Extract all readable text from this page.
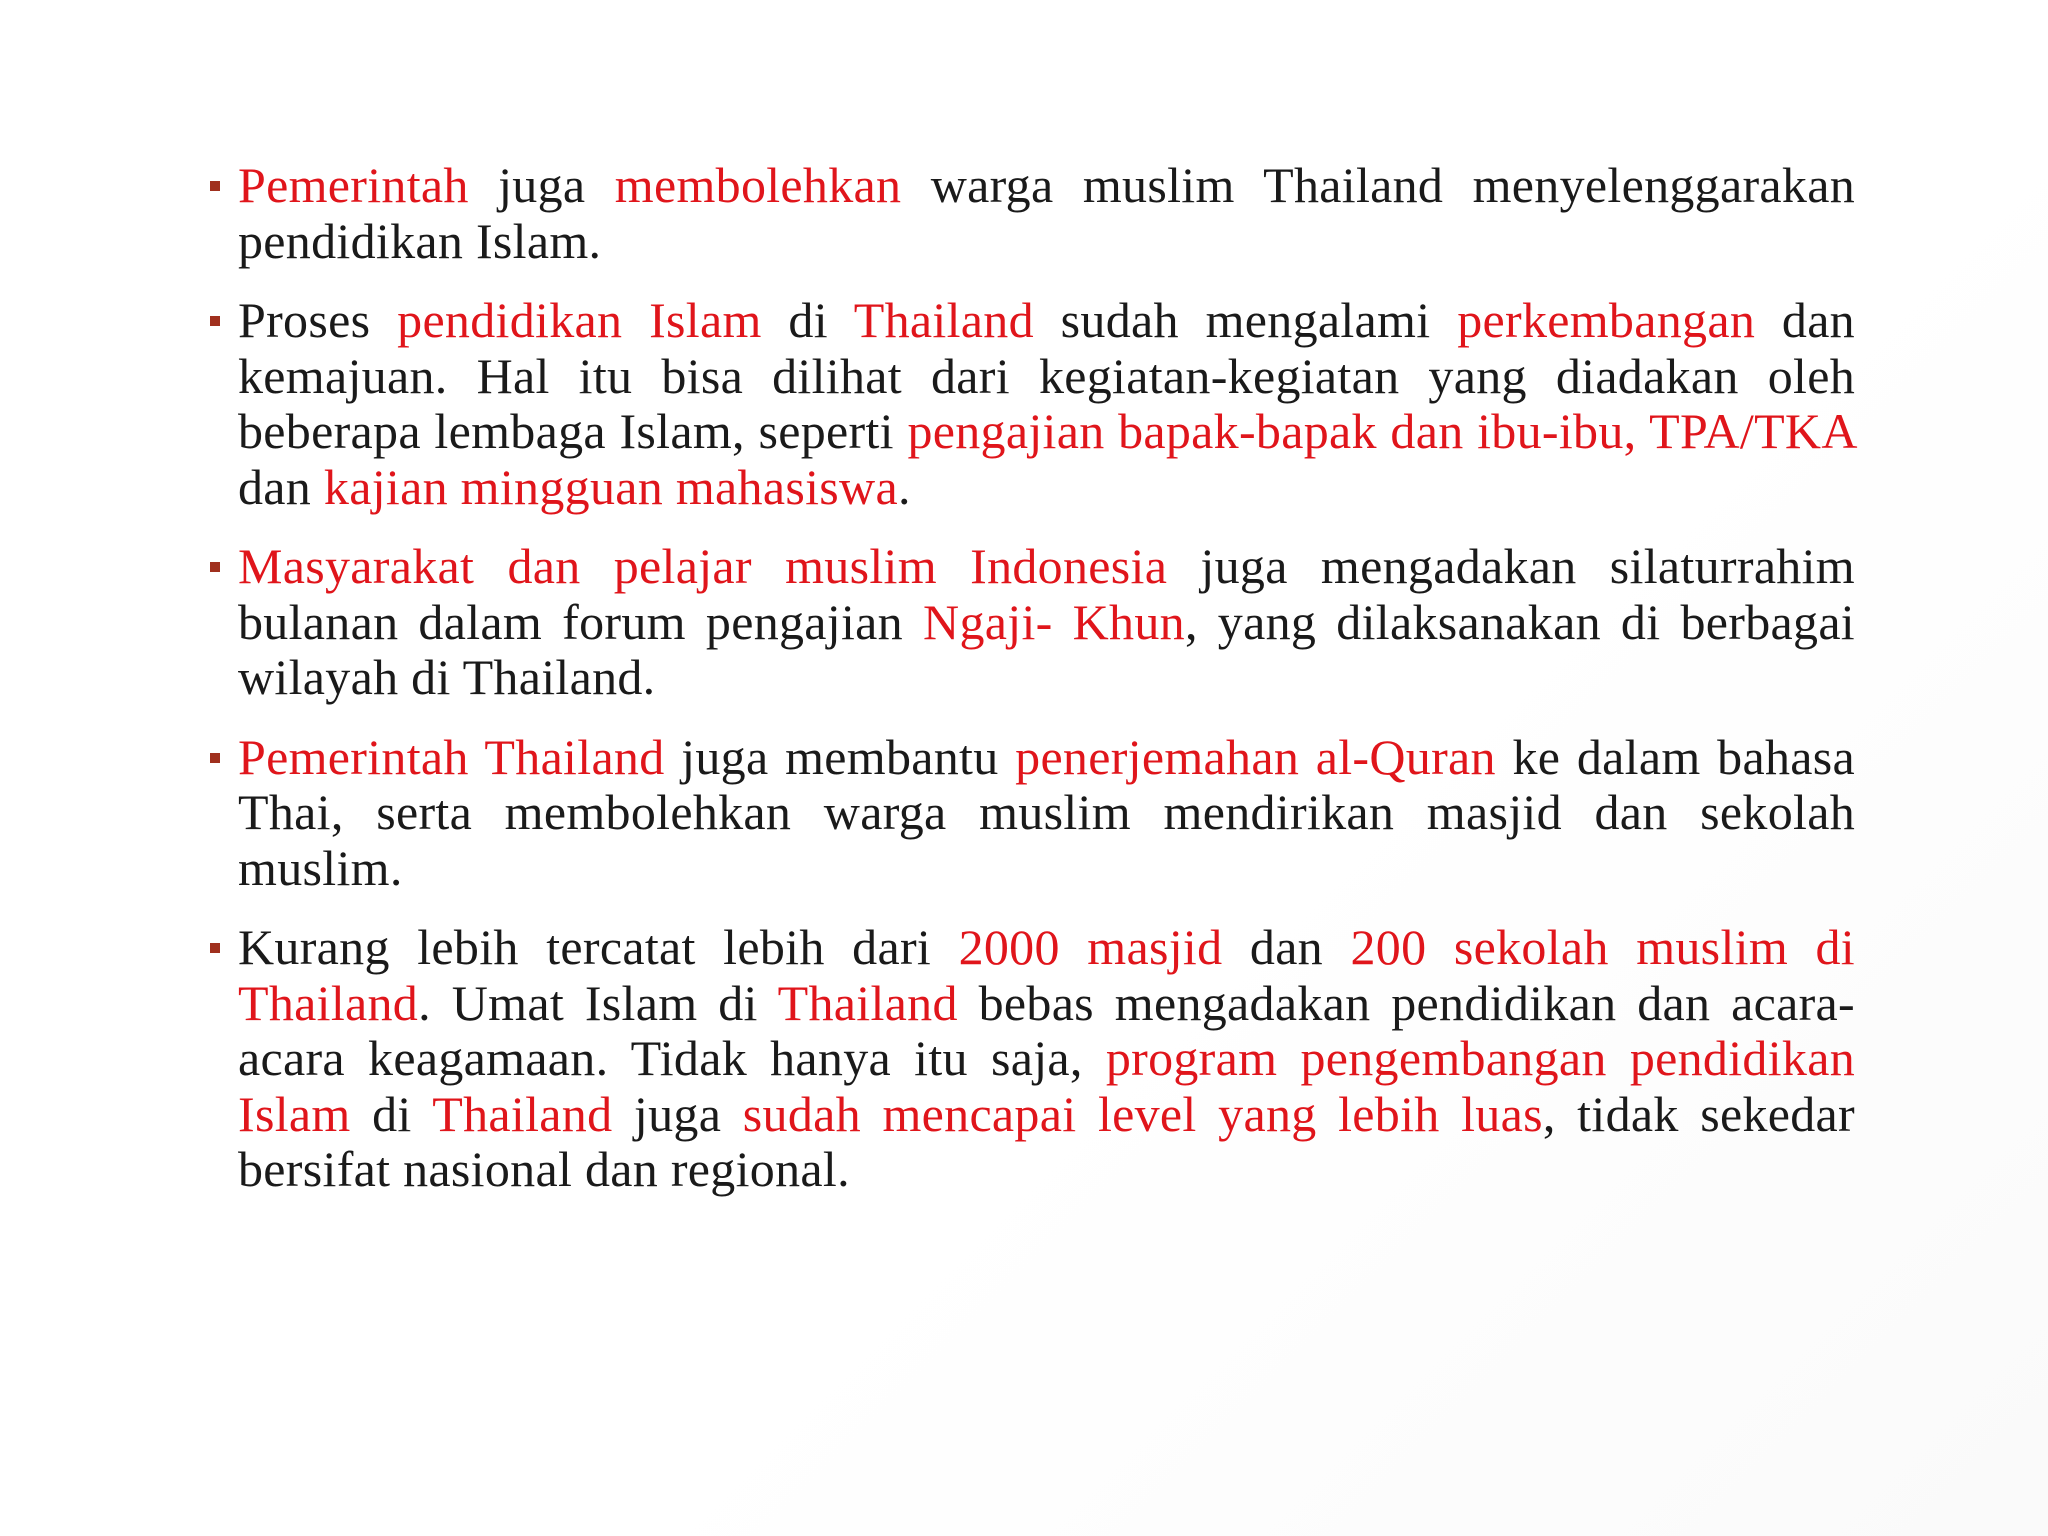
Pemerintah juga membolehkan warga muslim Thailand menyelenggarakan pendidikan Islam.
Proses pendidikan Islam di Thailand sudah mengalami perkembangan dan kemajuan. Hal itu bisa dilihat dari kegiatan-kegiatan yang diadakan oleh beberapa lembaga Islam, seperti pengajian bapak-bapak dan ibu-ibu, TPA/TKA dan kajian mingguan mahasiswa.
Masyarakat dan pelajar muslim Indonesia juga mengadakan silaturrahim bulanan dalam forum pengajian Ngaji- Khun, yang dilaksanakan di berbagai wilayah di Thailand.
Pemerintah Thailand juga membantu penerjemahan al-Quran ke dalam bahasa Thai, serta membolehkan warga muslim mendirikan masjid dan sekolah muslim.
Kurang lebih tercatat lebih dari 2000 masjid dan 200 sekolah muslim di Thailand. Umat Islam di Thailand bebas mengadakan pendidikan dan acara-acara keagamaan. Tidak hanya itu saja, program pengembangan pendidikan Islam di Thailand juga sudah mencapai level yang lebih luas, tidak sekedar bersifat nasional dan regional.
